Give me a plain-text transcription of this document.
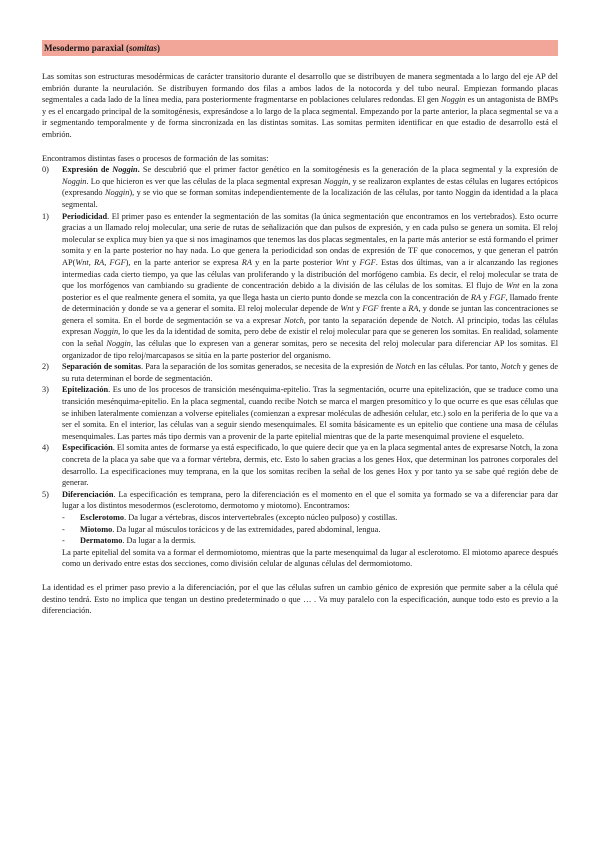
Mesodermo paraxial (somitas)

Las somitas son estructuras mesodérmicas de carácter transitorio durante el desarrollo que se distribuyen de manera segmentada a lo largo del eje AP del embrión durante la neurulación. Se distribuyen formando dos filas a ambos lados de la notocorda y del tubo neural. Empiezan formando placas segmentales a cada lado de la línea media, para posteriormente fragmentarse en poblaciones celulares redondas. El gen Noggin es un antagonista de BMPs y es el encargado principal de la somitogénesis, expresándose a lo largo de la placa segmental. Empezando por la parte anterior, la placa segmental se va a ir segmentando temporalmente y de forma sincronizada en las distintas somitas. Las somitas permiten identificar en que estadio de desarrollo está el embrión.

Encontramos distintas fases o procesos de formación de las somitas:

0) Expresión de Noggin. Se descubrió que el primer factor genético en la somitogénesis es la generación de la placa segmental y la expresión de Noggin. Lo que hicieron es ver que las células de la placa segmental expresan Noggin, y se realizaron explantes de estas células en lugares ectópicos (expresando Noggin), y se vio que se forman somitas independientemente de la localización de las células, por tanto Noggin da identidad a la placa segmental.
1) Periodicidad. El primer paso es entender la segmentación de las somitas (la única segmentación que encontramos en los vertebrados). Esto ocurre gracias a un llamado reloj molecular, una serie de rutas de señalización que dan pulsos de expresión, y en cada pulso se genera un somita. El reloj molecular se explica muy bien ya que si nos imaginamos que tenemos las dos placas segmentales, en la parte más anterior se está formando el primer somita y en la parte posterior no hay nada. Lo que genera la periodicidad son ondas de expresión de TF que conocemos, y que generan el patrón AP(Wnt, RA, FGF), en la parte anterior se expresa RA y en la parte posterior Wnt y FGF. Estas dos últimas, van a ir alcanzando las regiones intermedias cada cierto tiempo, ya que las células van proliferando y la distribución del morfógeno cambia. Es decir, el reloj molecular se trata de que los morfógenos van cambiando su gradiente de concentración debido a la división de las células de los somitas. El flujo de Wnt en la zona posterior es el que realmente genera el somita, ya que llega hasta un cierto punto donde se mezcla con la concentración de RA y FGF, llamado frente de determinación y donde se va a generar el somita. El reloj molecular depende de Wnt y FGF frente a RA, y donde se juntan las concentraciones se genera el somita. En el borde de segmentación se va a expresar Notch, por tanto la separación depende de Notch. Al principio, todas las células expresan Noggin, lo que les da la identidad de somita, pero debe de existir el reloj molecular para que se generen los somitas. En realidad, solamente con la señal Noggin, las células que lo expresen van a generar somitas, pero se necesita del reloj molecular para diferenciar AP los somitas. El organizador de tipo reloj/marcapasos se sitúa en la parte posterior del organismo.
2) Separación de somitas. Para la separación de los somitas generados, se necesita de la expresión de Notch en las células. Por tanto, Notch y genes de su ruta determinan el borde de segmentación.
3) Epitelización. Es uno de los procesos de transición mesénquima-epitelio. Tras la segmentación, ocurre una epitelización, que se traduce como una transición mesénquima-epitelio. En la placa segmental, cuando recibe Notch se marca el margen presomítico y lo que ocurre es que esas células que se inhiben lateralmente comienzan a volverse epiteliales (comienzan a expresar moléculas de adhesión celular, etc.) solo en la periferia de lo que va a ser el somita. En el interior, las células van a seguir siendo mesenquimales. El somita básicamente es un epitelio que contiene una masa de células mesenquimales. Las partes más tipo dermis van a provenir de la parte epitelial mientras que de la parte mesenquimal proviene el esqueleto.
4) Especificación. El somita antes de formarse ya está especificado, lo que quiere decir que ya en la placa segmental antes de expresarse Notch, la zona concreta de la placa ya sabe que va a formar vértebra, dermis, etc. Esto lo saben gracias a los genes Hox, que determinan los patrones corporales del desarrollo. La especificaciones muy temprana, en la que los somitas reciben la señal de los genes Hox y por tanto ya se sabe qué región debe de generar.
5) Diferenciación. La especificación es temprana, pero la diferenciación es el momento en el que el somita ya formado se va a diferenciar para dar lugar a los distintos mesodermos (esclerotomo, dermotomo y miotomo). Encontramos:
- Esclerotomo. Da lugar a vértebras, discos intervertebrales (excepto núcleo pulposo) y costillas.
- Miotomo. Da lugar al músculos torácicos y de las extremidades, pared abdominal, lengua.
- Dermatomo. Da lugar a la dermis.
La parte epitelial del somita va a formar el dermomiotomo, mientras que la parte mesenquimal da lugar al esclerotomo. El miotomo aparece después como un derivado entre estas dos secciones, como división celular de algunas células del dermomiotomo.

La identidad es el primer paso previo a la diferenciación, por el que las células sufren un cambio génico de expresión que permite saber a la célula qué destino tendrá. Esto no implica que tengan un destino predeterminado o que … . Va muy paralelo con la especificación, aunque todo esto es previo a la diferenciación.
